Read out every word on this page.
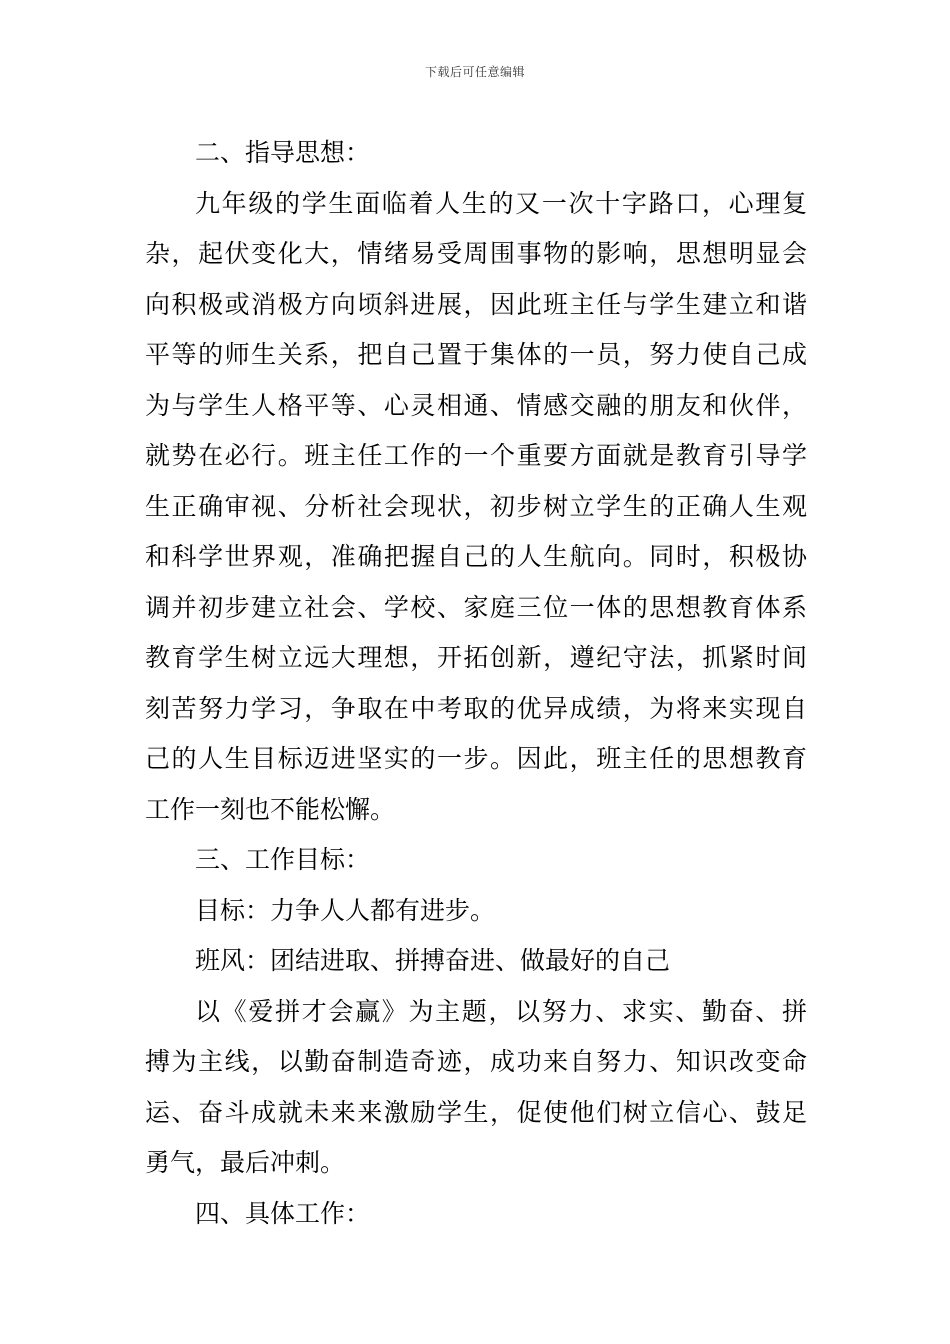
下载后可任意编辑
二、指导思想：
九年级的学生面临着人生的又一次十字路口，心理复
杂，起伏变化大，情绪易受周围事物的影响，思想明显会
向积极或消极方向顷斜进展，因此班主任与学生建立和谐
平等的师生关系，把自己置于集体的一员，努力使自己成
为与学生人格平等、心灵相通、情感交融的朋友和伙伴，
就势在必行。班主任工作的一个重要方面就是教育引导学
生正确审视、分析社会现状，初步树立学生的正确人生观
和科学世界观，准确把握自己的人生航向。同时，积极协
调并初步建立社会、学校、家庭三位一体的思想教育体系
教育学生树立远大理想，开拓创新，遵纪守法，抓紧时间
刻苦努力学习，争取在中考取的优异成绩，为将来实现自
己的人生目标迈进坚实的一步。因此，班主任的思想教育
工作一刻也不能松懈。
三、工作目标：
目标：力争人人都有进步。
班风：团结进取、拼搏奋进、做最好的自己
以《爱拼才会赢》为主题，以努力、求实、勤奋、拼
搏为主线，以勤奋制造奇迹，成功来自努力、知识改变命
运、奋斗成就未来来激励学生，促使他们树立信心、鼓足
勇气，最后冲刺。
四、具体工作：
